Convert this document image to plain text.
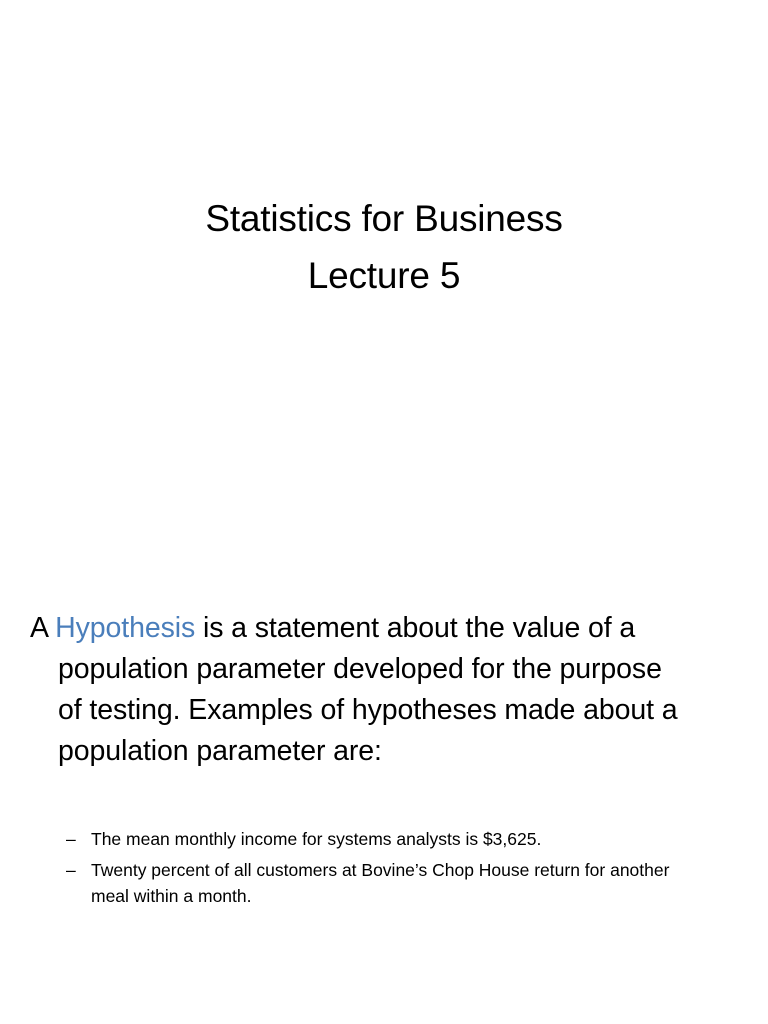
Statistics for Business
Lecture 5
A Hypothesis is a statement about the value of a
population parameter developed for the purpose
of testing. Examples of hypotheses made about a
population parameter are:
– The mean monthly income for systems analysts is $3,625.
– Twenty percent of all customers at Bovine’s Chop House return for another
meal within a month.
